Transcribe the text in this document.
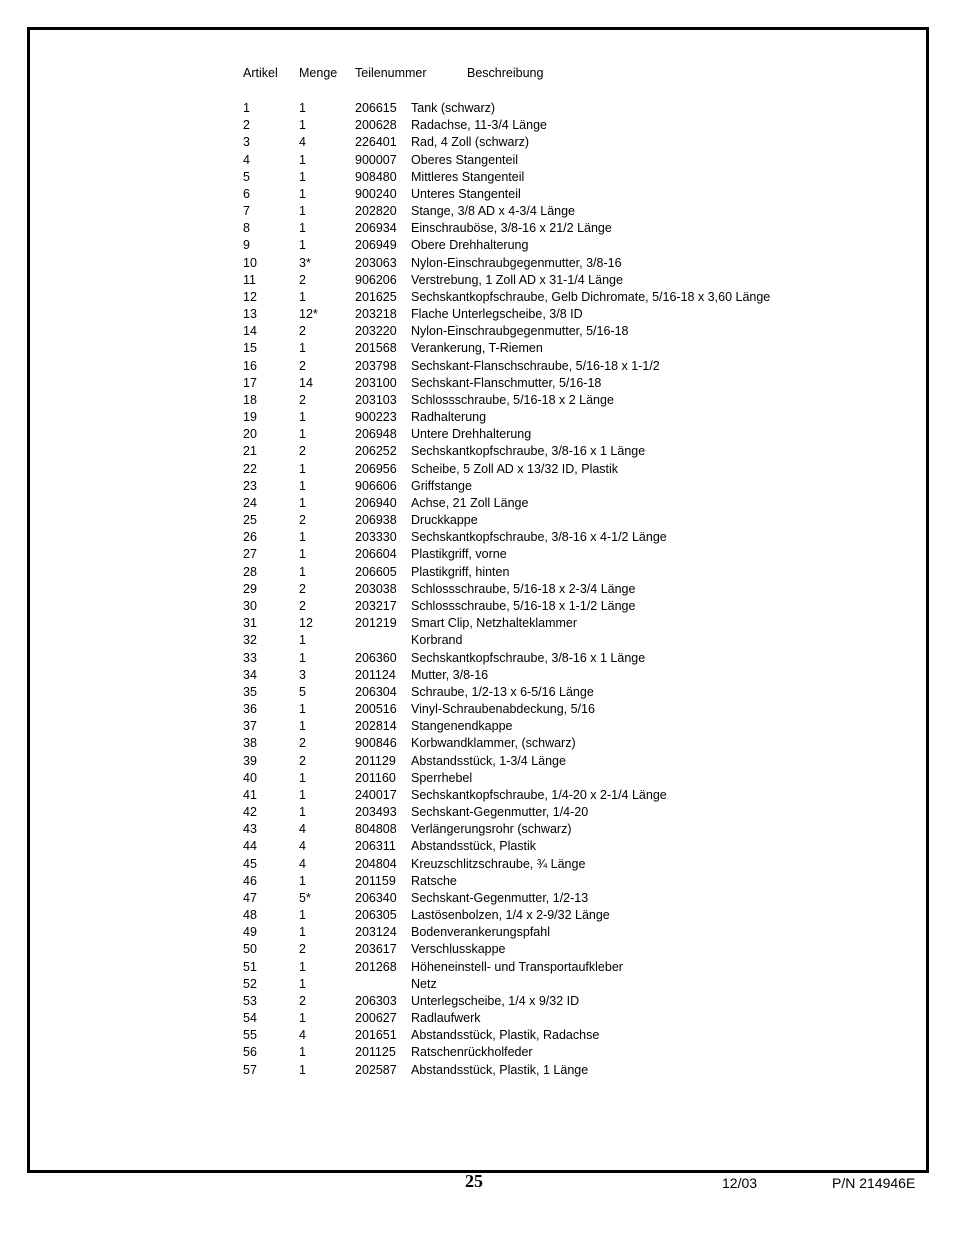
Artikel Menge Teilenummer	Beschreibung
1	1	206615 Tank (schwarz)
2	1	200628 Radachse, 11-3/4 Länge
3	4	226401 Rad, 4 Zoll (schwarz)
4	1	900007 Oberes Stangenteil
5	1	908480 Mittleres Stangenteil
6	1	900240 Unteres Stangenteil
7	1	202820 Stange, 3/8 AD x 4-3/4 Länge
8	1	206934 Einschrauböse, 3/8-16 x 21/2 Länge
9	1	206949 Obere Drehhalterung
10	3*	203063 Nylon-Einschraubgegenmutter, 3/8-16
11	2	906206 Verstrebung, 1 Zoll AD x 31-1/4 Länge
12	1	201625 Sechskantkopfschraube, Gelb Dichromate, 5/16-18 x 3,60 Länge
13	12*	203218 Flache Unterlegscheibe, 3/8 ID
14	2	203220 Nylon-Einschraubgegenmutter, 5/16-18
15	1	201568 Verankerung, T-Riemen
16	2	203798 Sechskant-Flanschschraube, 5/16-18 x 1-1/2
17	14	203100 Sechskant-Flanschmutter, 5/16-18
18	2	203103 Schlossschraube, 5/16-18 x 2 Länge
19	1	900223 Radhalterung
20	1	206948 Untere Drehhalterung
21	2	206252 Sechskantkopfschraube, 3/8-16 x 1 Länge
22	1	206956 Scheibe, 5 Zoll AD x 13/32 ID, Plastik
23	1	906606 Griffstange
24	1	206940 Achse, 21 Zoll Länge
25	2	206938 Druckkappe
26	1	203330 Sechskantkopfschraube, 3/8-16 x 4-1/2 Länge
27	1	206604 Plastikgriff, vorne
28	1	206605 Plastikgriff, hinten
29	2	203038 Schlossschraube, 5/16-18 x 2-3/4 Länge
30	2	203217 Schlossschraube, 5/16-18 x 1-1/2 Länge
31	12	201219 Smart Clip, Netzhalteklammer
32	1	Korbrand
33	1	206360 Sechskantkopfschraube, 3/8-16 x 1 Länge
34	3	201124 Mutter, 3/8-16
35	5	206304 Schraube, 1/2-13 x 6-5/16 Länge
36	1	200516 Vinyl-Schraubenabdeckung, 5/16
37	1	202814 Stangenendkappe
38	2	900846 Korbwandklammer, (schwarz)
39	2	201129 Abstandsstück, 1-3/4 Länge
40	1	201160 Sperrhebel
41	1	240017 Sechskantkopfschraube, 1/4-20 x 2-1/4 Länge
42	1	203493 Sechskant-Gegenmutter, 1/4-20
43	4	804808 Verlängerungsrohr (schwarz)
44	4	206311 Abstandsstück, Plastik
45	4	204804 Kreuzschlitzschraube, ¾ Länge
46	1	201159 Ratsche
47	5*	206340 Sechskant-Gegenmutter, 1/2-13
48	1	206305 Lastösenbolzen, 1/4 x 2-9/32 Länge
49	1	203124 Bodenverankerungspfahl
50	2	203617 Verschlusskappe
51	1	201268 Höheneinstell- und Transportaufkleber
52	1	Netz
53	2	206303 Unterlegscheibe, 1/4 x 9/32 ID
54	1	200627 Radlaufwerk
55	4	201651 Abstandsstück, Plastik, Radachse
56	1	201125 Ratschenrückholfeder
57	1	202587 Abstandsstück, Plastik, 1 Länge
25	12/03	P/N 214946E
